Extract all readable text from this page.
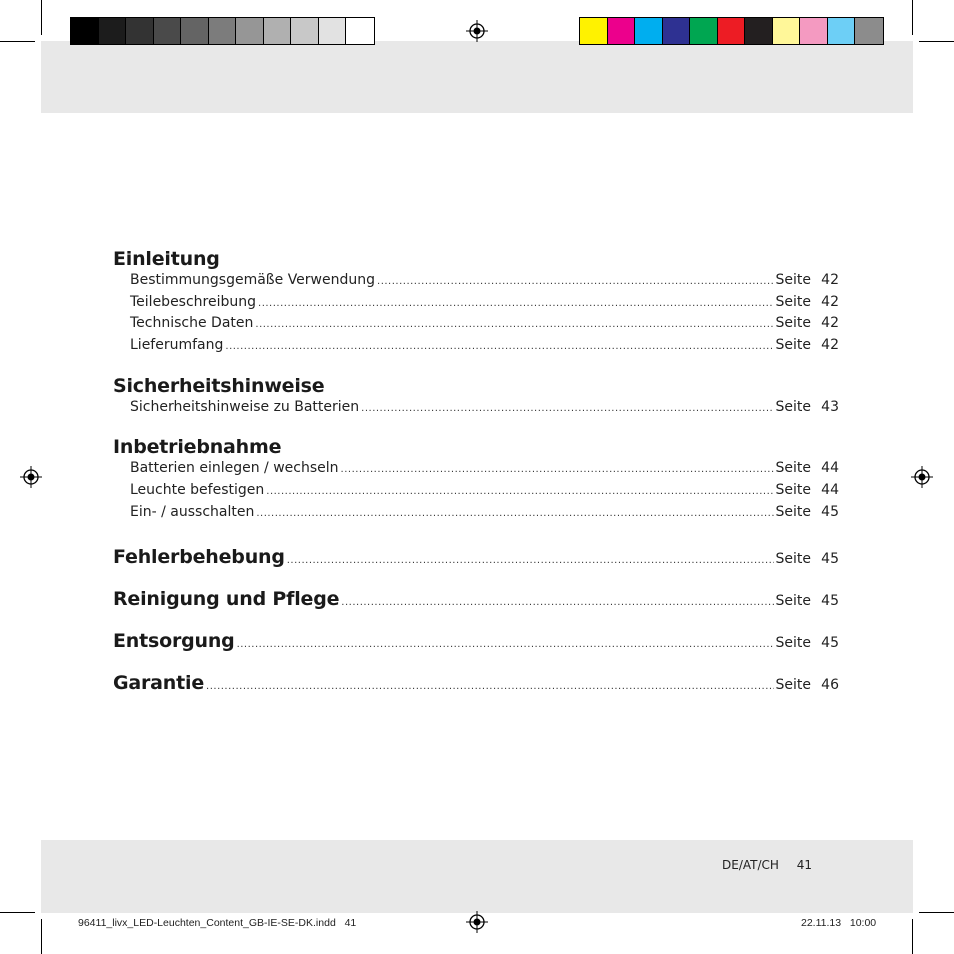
Einleitung
Bestimmungsgemäße Verwendung .....	Seite 42
Teilebeschreibung .....	Seite 42
Technische Daten .....	Seite 42
Lieferumfang .....	Seite 42
Sicherheitshinweise
Sicherheitshinweise zu Batterien .....	Seite 43
Inbetriebnahme
Batterien einlegen / wechseln .....	Seite 44
Leuchte befestigen .....	Seite 44
Ein- / ausschalten .....	Seite 45
Fehlerbehebung .....	Seite 45
Reinigung und Pflege .....	Seite 45
Entsorgung .....	Seite 45
Garantie .....	Seite 46
DE/AT/CH 41
96411_livx_LED-Leuchten_Content_GB-IE-SE-DK.indd 41	22.11.13 10:00
